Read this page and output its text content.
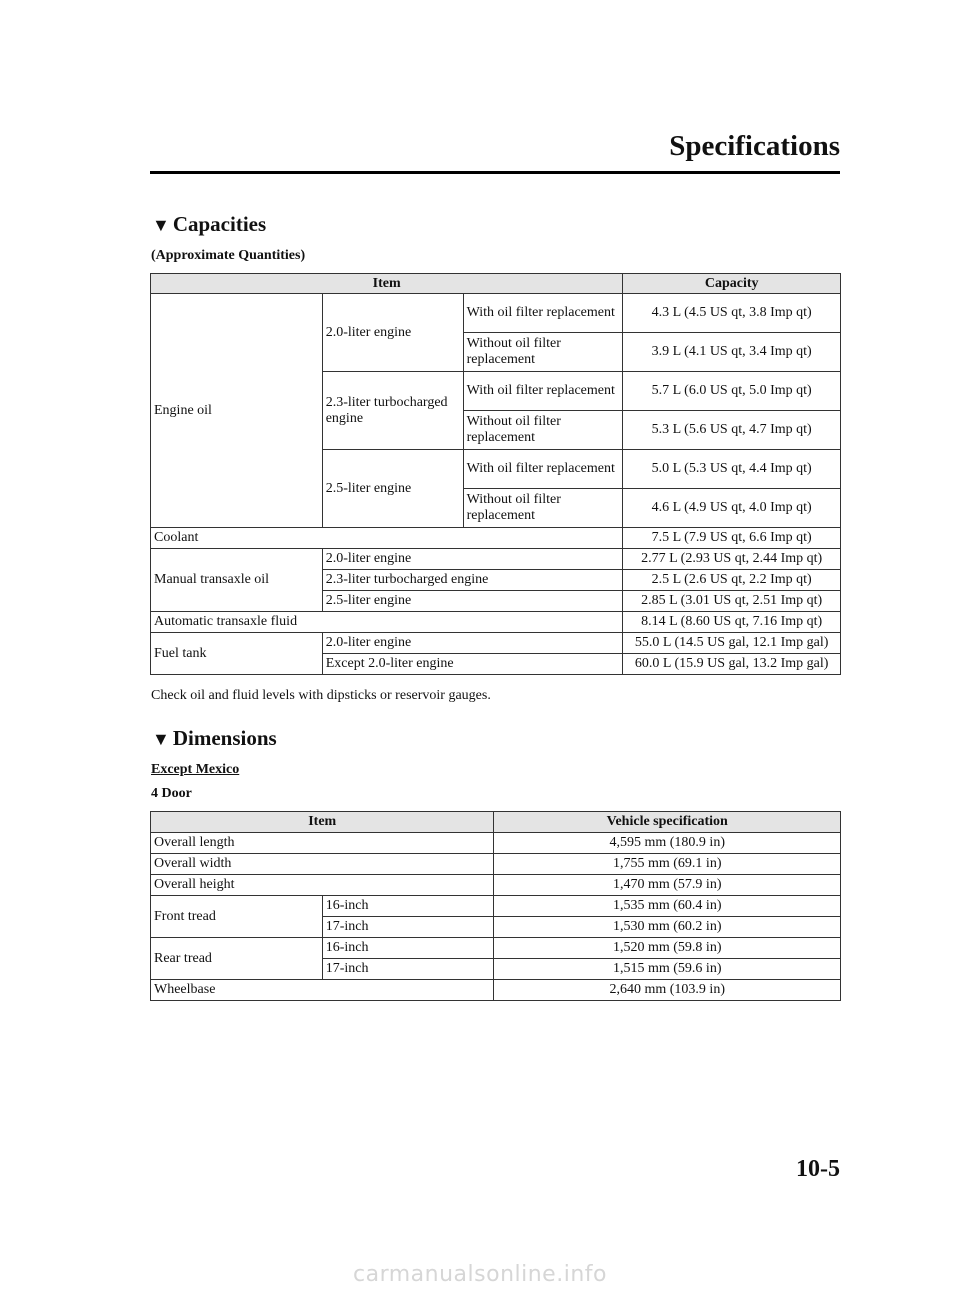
Specifications
▼ Capacities
(Approximate Quantities)
Item			Capacity
Engine oil	2.0-liter engine	With oil filter replacement	4.3 L (4.5 US qt, 3.8 Imp qt)
		Without oil filter replacement	3.9 L (4.1 US qt, 3.4 Imp qt)
	2.3-liter turbocharged engine	With oil filter replacement	5.7 L (6.0 US qt, 5.0 Imp qt)
		Without oil filter replacement	5.3 L (5.6 US qt, 4.7 Imp qt)
	2.5-liter engine	With oil filter replacement	5.0 L (5.3 US qt, 4.4 Imp qt)
		Without oil filter replacement	4.6 L (4.9 US qt, 4.0 Imp qt)
Coolant			7.5 L (7.9 US qt, 6.6 Imp qt)
Manual transaxle oil	2.0-liter engine		2.77 L (2.93 US qt, 2.44 Imp qt)
	2.3-liter turbocharged engine		2.5 L (2.6 US qt, 2.2 Imp qt)
	2.5-liter engine		2.85 L (3.01 US qt, 2.51 Imp qt)
Automatic transaxle fluid			8.14 L (8.60 US qt, 7.16 Imp qt)
Fuel tank	2.0-liter engine		55.0 L (14.5 US gal, 12.1 Imp gal)
	Except 2.0-liter engine		60.0 L (15.9 US gal, 13.2 Imp gal)
Check oil and fluid levels with dipsticks or reservoir gauges.
▼ Dimensions
Except Mexico
4 Door
Item		Vehicle specification
Overall length		4,595 mm (180.9 in)
Overall width		1,755 mm (69.1 in)
Overall height		1,470 mm (57.9 in)
Front tread	16-inch	1,535 mm (60.4 in)
	17-inch	1,530 mm (60.2 in)
Rear tread	16-inch	1,520 mm (59.8 in)
	17-inch	1,515 mm (59.6 in)
Wheelbase		2,640 mm (103.9 in)
10-5
carmanualsonline.info
